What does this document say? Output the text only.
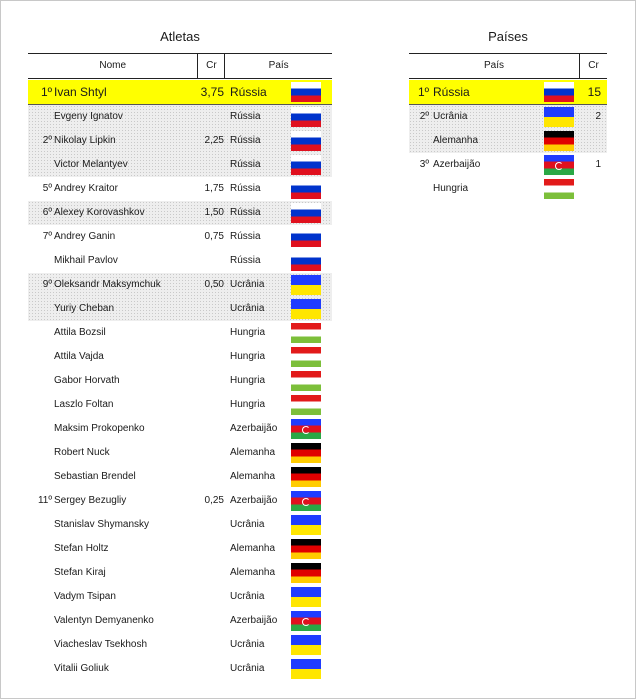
Atletas
Nome	Cr	País
1º Ivan Shtyl	3,75 Rússia
Evgeny Ignatov	Rússia
2º Nikolay Lipkin	2,25 Rússia
Victor Melantyev	Rússia
5º Andrey Kraitor	1,75 Rússia
6º Alexey Korovashkov	1,50 Rússia
7º Andrey Ganin	0,75 Rússia
Mikhail Pavlov	Rússia
9º Oleksandr Maksymchuk	0,50 Ucrânia
Yuriy Cheban	Ucrânia
Attila Bozsil	Hungria
Attila Vajda	Hungria
Gabor Horvath	Hungria
Laszlo Foltan	Hungria
Maksim Prokopenko	Azerbaijão
Robert Nuck	Alemanha
Sebastian Brendel	Alemanha
11º Sergey Bezugliy	0,25 Azerbaijão
Stanislav Shymansky	Ucrânia
Stefan Holtz	Alemanha
Stefan Kiraj	Alemanha
Vadym Tsipan	Ucrânia
Valentyn Demyanenko	Azerbaijão
Viacheslav Tsekhosh	Ucrânia
Vitalii Goliuk	Ucrânia
Países
País	Cr
1º Rússia	15
2º Ucrânia	2
Alemanha
3º Azerbaijão	1
Hungria
